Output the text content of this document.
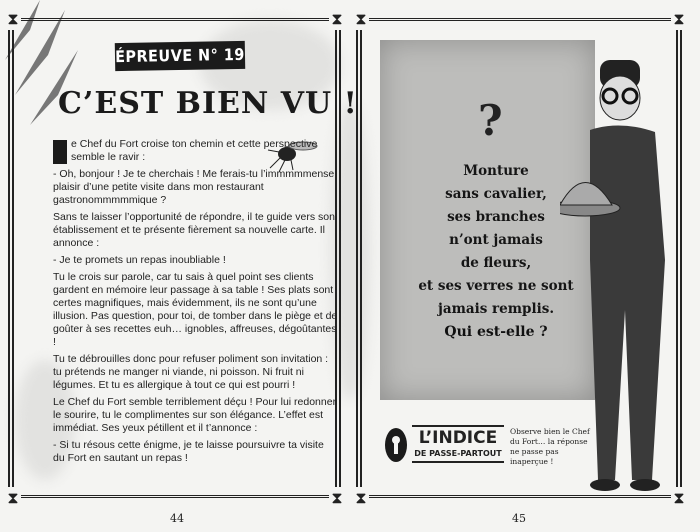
⧗	⧗
⧗	⧗
⧗	⧗
⧗	⧗
ÉPREUVE N° 19
C’EST BIEN VU !

e Chef du Fort croise ton chemin et cette perspective semble le ravir :

- Oh, bonjour ! Je te cherchais ! Me ferais-tu l’immmmmense plaisir d’une petite visite dans mon restaurant gastronommmmmique ?

Sans te laisser l’opportunité de répondre, il te guide vers son établissement et te présente fièrement sa nouvelle carte. Il annonce :

- Je te promets un repas inoubliable !

Tu le crois sur parole, car tu sais à quel point ses clients gardent en mémoire leur passage à sa table ! Ses plats sont certes magnifiques, mais évidemment, ils ne sont qu’une illusion. Pas question, pour toi, de tomber dans le piège et de goûter à ses recettes euh… ignobles, affreuses, dégoûtantes !

Tu te débrouilles donc pour refuser poliment son invitation : tu prétends ne manger ni viande, ni poisson. Ni fruit ni légumes. Et tu es allergique à tout ce qui est pourri !

Le Chef du Fort semble terriblement déçu ! Pour lui redonner le sourire, tu le complimentes sur son élégance. L’effet est immédiat. Ses yeux pétillent et il t’annonce :

- Si tu résous cette énigme, je te laisse poursuivre ta visite du Fort en sautant un repas !

44
?
Monture
sans cavalier,
ses branches
n’ont jamais
de fleurs,
et ses verres ne sont
jamais remplis.
Qui est-elle ?
L’INDICE
DE PASSE-PARTOUT
Observe bien le Chef du Fort… la réponse ne passe pas inaperçue !
45
